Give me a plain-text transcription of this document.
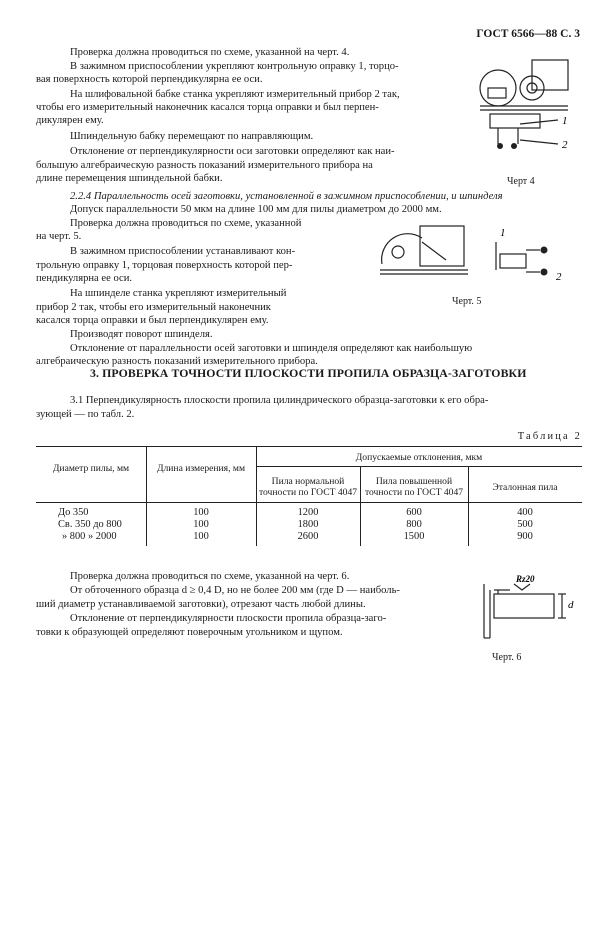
ГОСТ 6566—88 С. 3
Проверка должна проводиться по схеме, указанной на черт. 4.
В зажимном приспособлении укрепляют контрольную оправку 1, торцо-
вая поверхность которой перпендикулярна ее оси.
На шлифовальной бабке станка укрепляют измерительный прибор 2 так,
чтобы его измерительный наконечник касался торца оправки и был перпен-
дикулярен ему.
Шпиндельную бабку перемещают по направляющим.
Отклонение от перпендикулярности оси заготовки определяют как наи-
большую алгебраическую разность показаний измерительного прибора на
длине перемещения шпиндельной бабки.
1
2
Черт 4
2.2.4 Параллельность осей заготовки, установленной в зажимном приспособлении, и шпинделя
Допуск параллельности 50 мкм на длине 100 мм для пилы диаметром до 2000 мм.
Проверка должна проводиться по схеме, указанной
на черт. 5.
В зажимном приспособлении устанавливают кон-
трольную оправку 1, торцовая поверхность которой пер-
пендикулярна ее оси.
На шпинделе станка укрепляют измерительный
прибор 2 так, чтобы его измерительный наконечник
касался торца оправки и был перпендикулярен ему.
Производят поворот шпинделя.
Отклонение от параллельности осей заготовки и шпинделя определяют как наибольшую
алгебраическую разность показаний измерительного прибора.
1
2
Черт. 5
3. ПРОВЕРКА ТОЧНОСТИ ПЛОСКОСТИ ПРОПИЛА ОБРАЗЦА-ЗАГОТОВКИ
3.1 Перпендикулярность плоскости пропила цилиндрического образца-заготовки к его обра-
зующей — по табл. 2.
Таблица 2
Диаметр пилы, мм	Длина измерения, мм
Допускаемые отклонения, мкм
Пила нормальной
точности по ГОСТ 4047
Пила повышенной
точности по ГОСТ 4047	Эталонная пила
До 350	100	1200	600	400
Св. 350 до 800	100	1800	800	500
» 800 » 2000	100	2600	1500	900
Проверка должна проводиться по схеме, указанной на черт. 6.
От обточенного образца d ≥ 0,4 D, но не более 200 мм (где D — наиболь-
ший диаметр устанавливаемой заготовки), отрезают часть любой длины.
Отклонение от перпендикулярности плоскости пропила образца-заго-
товки к образующей определяют поверочным угольником и щупом.
Rz20
d
Черт. 6
